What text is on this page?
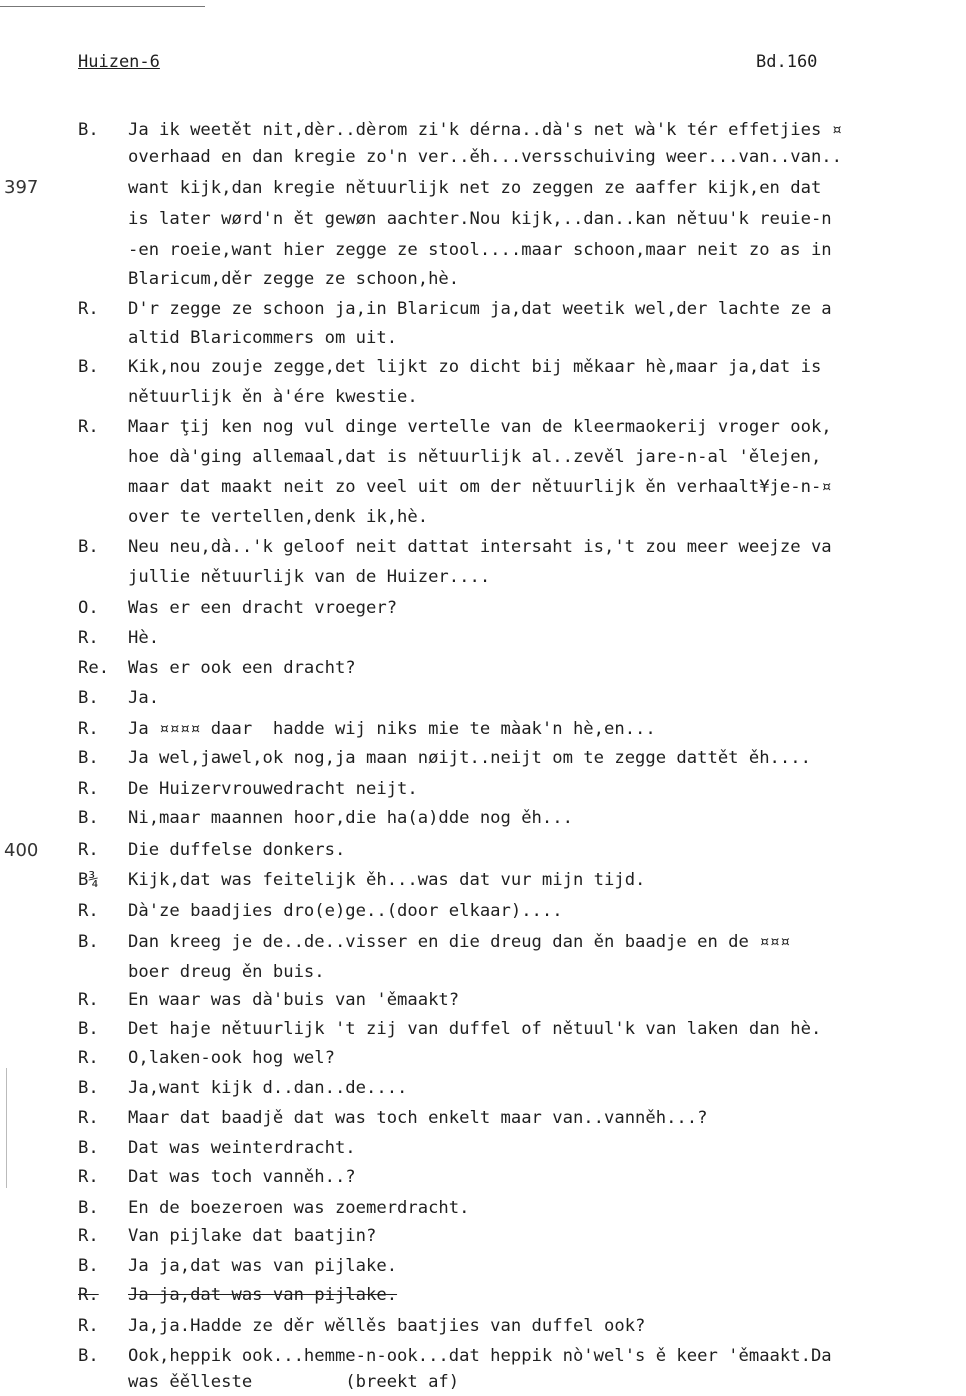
Huizen-6	Bd.160
397
400
B. Ja ik weetět nit,dèr..dèrom zi'k dérna..dà's net wà'k tér effetjies ¤
overhaad en dan kregie zo'n ver..ěh...versschuiving weer...van..van..
want kijk,dan kregie nětuurlijk net zo zeggen ze aaffer kijk,en dat
is later wørd'n ět gewøn aachter.Nou kijk,..dan..kan nětuu'k reuie-n
-en roeie,want hier zegge ze stool....maar schoon,maar neit zo as in
Blaricum,děr zegge ze schoon,hè.
R. D'r zegge ze schoon ja,in Blaricum ja,dat weetik wel,der lachte ze a
altid Blaricommers om uit.
B. Kik,nou zouje zegge,det lijkt zo dicht bij měkaar hè,maar ja,dat is
nětuurlijk ěn à'ére kwestie.
R. Maar ţij ken nog vul dinge vertelle van de kleermaokerij vroger ook,
hoe dà'ging allemaal,dat is nětuurlijk al..zevěl jare-n-al 'ělejen,
maar dat maakt neit zo veel uit om der nětuurlijk ěn verhaalt¥je-n-¤
over te vertellen,denk ik,hè.
B. Neu neu,dà..'k geloof neit dattat intersaht is,'t zou meer weejze va
jullie nětuurlijk van de Huizer....
O. Was er een dracht vroeger?
R. Hè.
Re. Was er ook een dracht?
B. Ja.
R. Ja ¤¤¤¤ daar  hadde wij niks mie te màak'n hè,en...
B. Ja wel,jawel,ok nog,ja maan nøijt..neijt om te zegge dattět ěh....
R. De Huizervrouwedracht neijt.
B. Ni,maar maannen hoor,die ha(a)dde nog ěh...
R. Die duffelse donkers.
B¾ Kijk,dat was feitelijk ěh...was dat vur mijn tijd.
R. Dà'ze baadjies dro(e)ge..(door elkaar)....
B. Dan kreeg je de..de..visser en die dreug dan ěn baadje en de ¤¤¤
boer dreug ěn buis.
R. En waar was dà'buis van 'ěmaakt?
B. Det haje nětuurlijk 't zij van duffel of nětuul'k van laken dan hè.
R. O,laken-ook hog wel?
B. Ja,want kijk d..dan..de....
R. Maar dat baadjě dat was toch enkelt maar van..vanněh...?
B. Dat was weinterdracht.
R. Dat was toch vanněh..?
B. En de boezeroen was zoemerdracht.
R. Van pijlake dat baatjin?
B. Ja ja,dat was van pijlake.
R. Ja ja,dat was van pijlake.
R. Ja,ja.Hadde ze děr wěllěs baatjies van duffel ook?
B. Ook,heppik ook...hemme-n-ook...dat heppik nò'wel's ě keer 'ěmaakt.Da
was ěělleste         (breekt af)
